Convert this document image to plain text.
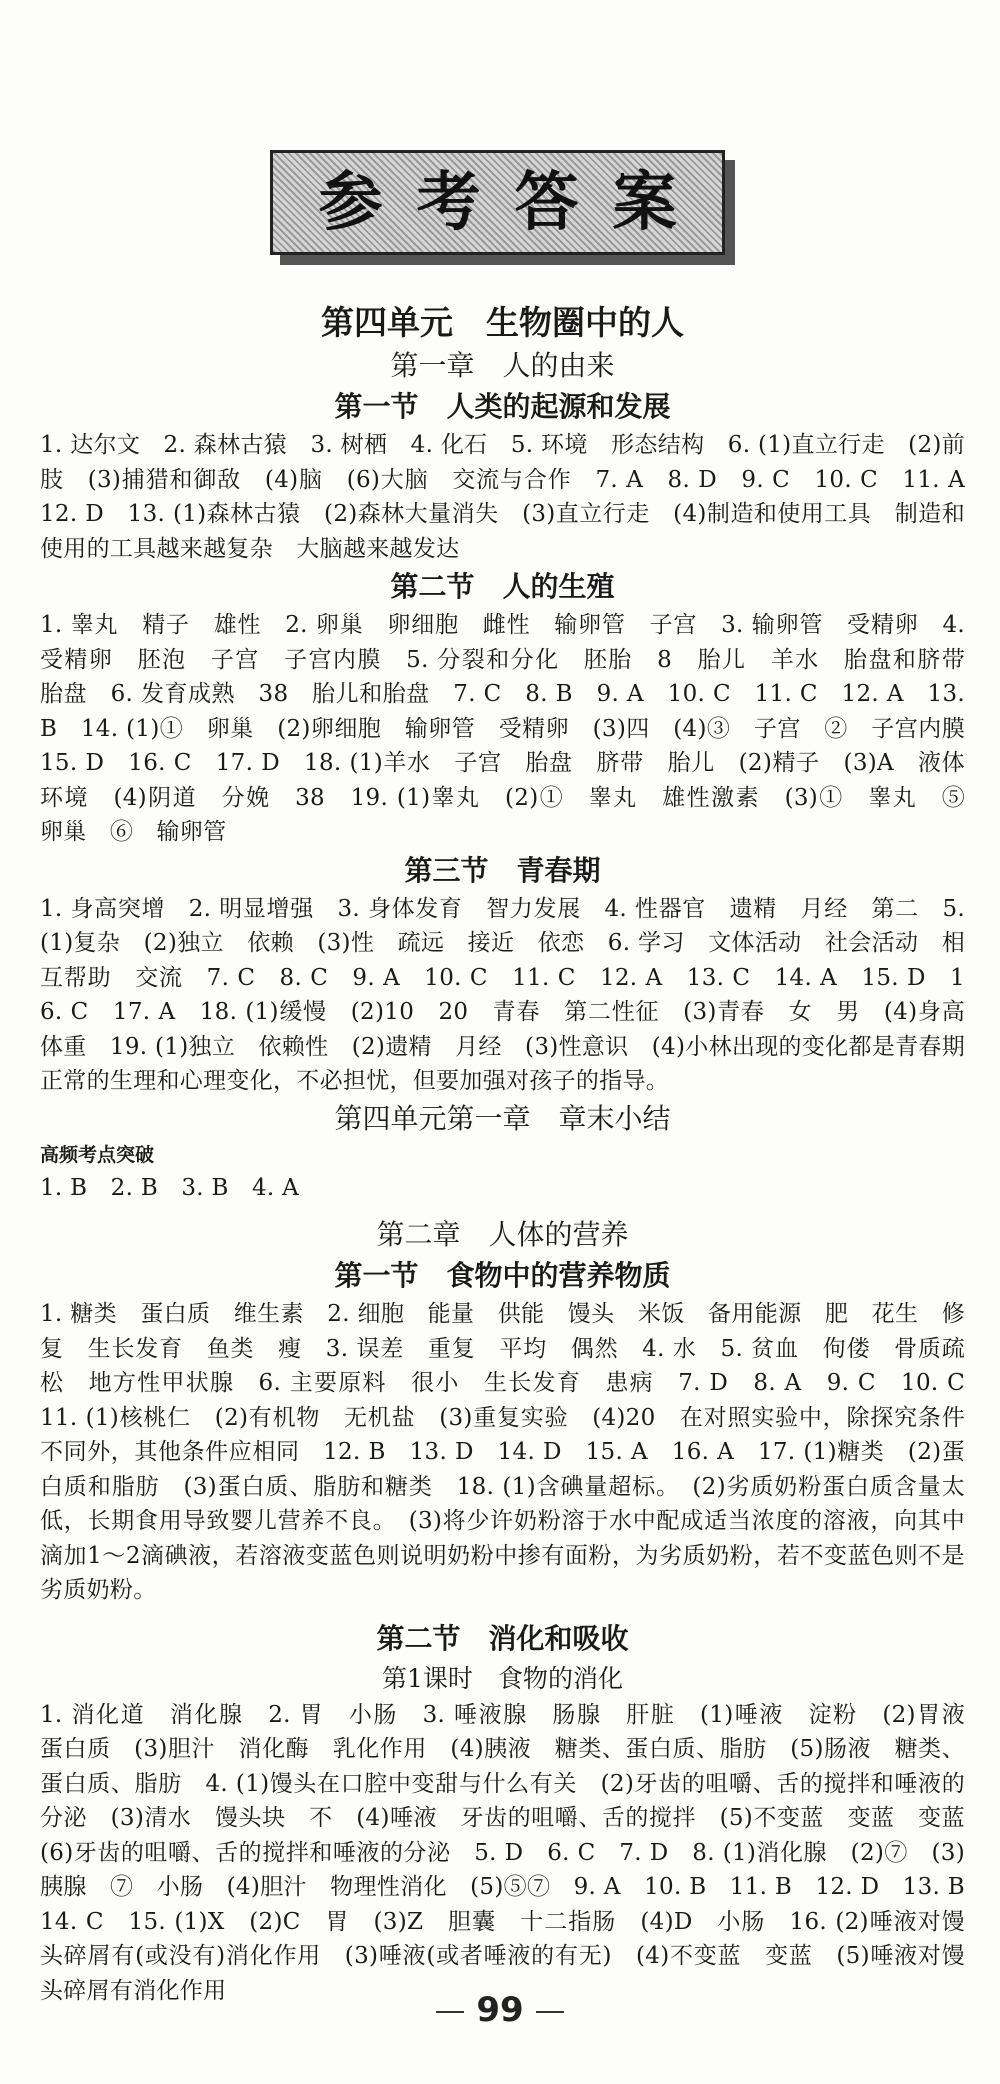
参考答案

第四单元　生物圈中的人

第一章　人的由来

第一节　人类的起源和发展

1. 达尔文　2. 森林古猿　3. 树栖　4. 化石　5. 环境　形态结构　6. (1)直立行走　(2)前肢　(3)捕猎和御敌　(4)脑　(6)大脑　交流与合作　7. A　8. D　9. C　10. C　11. A　12. D　13. (1)森林古猿　(2)森林大量消失　(3)直立行走　(4)制造和使用工具　制造和使用的工具越来越复杂　大脑越来越发达

第二节　人的生殖

1. 睾丸　精子　雄性　2. 卵巢　卵细胞　雌性　输卵管　子宫　3. 输卵管　受精卵　4. 受精卵　胚泡　子宫　子宫内膜　5. 分裂和分化　胚胎　8　胎儿　羊水　胎盘和脐带　胎盘　6. 发育成熟　38　胎儿和胎盘　7. C　8. B　9. A　10. C　11. C　12. A　13. B　14. (1)①　卵巢　(2)卵细胞　输卵管　受精卵　(3)四　(4)③　子宫　②　子宫内膜　15. D　16. C　17. D　18. (1)羊水　子宫　胎盘　脐带　胎儿　(2)精子　(3)A　液体环境　(4)阴道　分娩　38　19. (1)睾丸　(2)①　睾丸　雄性激素　(3)①　睾丸　⑤　卵巢　⑥　输卵管

第三节　青春期

1. 身高突增　2. 明显增强　3. 身体发育　智力发展　4. 性器官　遗精　月经　第二　5. (1)复杂　(2)独立　依赖　(3)性　疏远　接近　依恋　6. 学习　文体活动　社会活动　相互帮助　交流　7. C　8. C　9. A　10. C　11. C　12. A　13. C　14. A　15. D　16. C　17. A　18. (1)缓慢　(2)10　20　青春　第二性征　(3)青春　女　男　(4)身高　体重　19. (1)独立　依赖性　(2)遗精　月经　(3)性意识　(4)小林出现的变化都是青春期正常的生理和心理变化，不必担忧，但要加强对孩子的指导。

第四单元第一章　章末小结

高频考点突破

1. B　2. B　3. B　4. A

第二章　人体的营养

第一节　食物中的营养物质

1. 糖类　蛋白质　维生素　2. 细胞　能量　供能　馒头　米饭　备用能源　肥　花生　修复　生长发育　鱼类　瘦　3. 误差　重复　平均　偶然　4. 水　5. 贫血　佝偻　骨质疏松　地方性甲状腺　6. 主要原料　很小　生长发育　患病　7. D　8. A　9. C　10. C　11. (1)核桃仁　(2)有机物　无机盐　(3)重复实验　(4)20　在对照实验中，除探究条件不同外，其他条件应相同　12. B　13. D　14. D　15. A　16. A　17. (1)糖类　(2)蛋白质和脂肪　(3)蛋白质、脂肪和糖类　18. (1)含碘量超标。　(2)劣质奶粉蛋白质含量太低，长期食用导致婴儿营养不良。　(3)将少许奶粉溶于水中配成适当浓度的溶液，向其中滴加1～2滴碘液，若溶液变蓝色则说明奶粉中掺有面粉，为劣质奶粉，若不变蓝色则不是劣质奶粉。

第二节　消化和吸收

第1课时　食物的消化

1. 消化道　消化腺　2. 胃　小肠　3. 唾液腺　肠腺　肝脏　(1)唾液　淀粉　(2)胃液　蛋白质　(3)胆汁　消化酶　乳化作用　(4)胰液　糖类、蛋白质、脂肪　(5)肠液　糖类、蛋白质、脂肪　4. (1)馒头在口腔中变甜与什么有关　(2)牙齿的咀嚼、舌的搅拌和唾液的分泌　(3)清水　馒头块　不　(4)唾液　牙齿的咀嚼、舌的搅拌　(5)不变蓝　变蓝　变蓝　(6)牙齿的咀嚼、舌的搅拌和唾液的分泌　5. D　6. C　7. D　8. (1)消化腺　(2)⑦　(3)胰腺　⑦　小肠　(4)胆汁　物理性消化　(5)⑤⑦　9. A　10. B　11. B　12. D　13. B　14. C　15. (1)X　(2)C　胃　(3)Z　胆囊　十二指肠　(4)D　小肠　16. (2)唾液对馒头碎屑有(或没有)消化作用　(3)唾液(或者唾液的有无)　(4)不变蓝　变蓝　(5)唾液对馒头碎屑有消化作用	99
